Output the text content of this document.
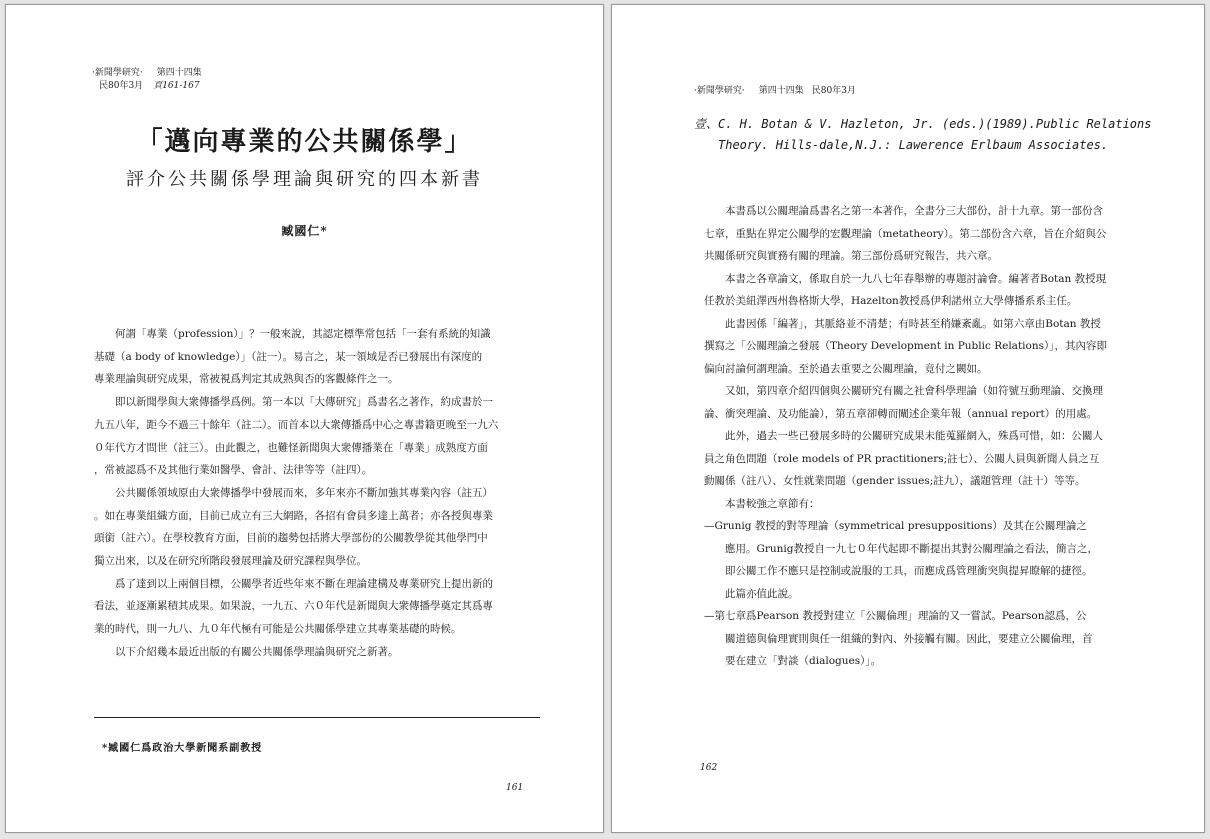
·新聞學研究· 第四十四集
民80年3月 頁161-167
「邁向專業的公共關係學」
評介公共關係學理論與研究的四本新書
臧國仁*

何謂「專業（profession）」？一般來說，其認定標準常包括「一套有系統的知識

基礎（a body of knowledge）」（註一）。易言之，某一領域是否已發展出有深度的

專業理論與研究成果，常被視爲判定其成熟與否的客觀條件之一。

即以新聞學與大衆傳播學爲例。第一本以「大傳研究」爲書名之著作，約成書於一

九五八年，距今不過三十餘年（註二）。而首本以大衆傳播爲中心之專書籍更晚至一九六

０年代方才問世（註三）。由此觀之，也難怪新聞與大衆傳播業在「專業」成熟度方面

，常被認爲不及其他行業如醫學、會計、法律等等（註四）。

公共關係領域原由大衆傳播學中發展而來，多年來亦不斷加強其專業內容（註五）

。如在專業組織方面，目前已成立有三大網路，各招有會員多達上萬者；亦各授與專業

頭銜（註六）。在學校教育方面，目前的趨勢包括將大學部份的公關教學從其他學門中

獨立出來，以及在研究所階段發展理論及研究課程與學位。

爲了達到以上兩個目標，公關學者近些年來不斷在理論建構及專業研究上提出新的

看法，並逐漸累積其成果。如果說，一九五、六０年代是新聞與大衆傳播學奠定其爲專

業的時代，則一九八、九０年代極有可能是公共關係學建立其專業基礎的時候。

以下介紹幾本最近出版的有關公共關係學理論與研究之新著。

*臧國仁爲政治大學新聞系副教授
161
·新聞學研究· 第四十四集 民80年3月
壹、C. H. Botan & V. Hazleton, Jr. (eds.)(1989).Public Relations
Theory. Hills-dale,N.J.: Lawerence Erlbaum Associates.

本書爲以公關理論爲書名之第一本著作，全書分三大部份，計十九章。第一部份含

七章，重點在界定公關學的宏觀理論（metatheory）。第二部份含六章，旨在介紹與公

共關係研究與實務有關的理論。第三部份爲研究報告，共六章。

本書之各章論文，係取自於一九八七年春舉辦的專題討論會。編著者Botan 教授現

任教於美紐澤西州魯格斯大學，Hazelton教授爲伊利諾州立大學傳播系系主任。

此書因係「編著」，其脈絡並不清楚；有時甚至稍嫌紊亂。如第六章由Botan 教授

撰寫之「公關理論之發展（Theory Development in Public Relations）」，其內容即

偏向討論何謂理論。至於過去重要之公關理論，竟付之闕如。

又如，第四章介紹四個與公關研究有關之社會科學理論（如符號互動理論、交換理

論、衝突理論、及功能論），第五章卻轉而闡述企業年報（annual report）的用處。

此外，過去一些已發展多時的公關研究成果未能蒐羅網入，殊爲可惜，如：公關人

員之角色問題（role models of PR practitioners;註七）、公關人員與新聞人員之互

動關係（註八）、女性就業問題（gender issues;註九），議題管理（註十）等等。

本書較強之章節有：

—Grunig 教授的對等理論（symmetrical presuppositions）及其在公關理論之

應用。Grunig教授自一九七０年代起即不斷提出其對公關理論之看法，簡言之，

即公關工作不應只是控制或說服的工具，而應成爲管理衝突與提昇瞭解的捷徑。

此篇亦值此說。

—第七章爲Pearson 教授對建立「公關倫理」理論的又一嘗試。Pearson認爲，公

關道德與倫理實則與任一組織的對內、外接觸有關。因此，要建立公關倫理，首

要在建立「對談（dialogues）」。

162
